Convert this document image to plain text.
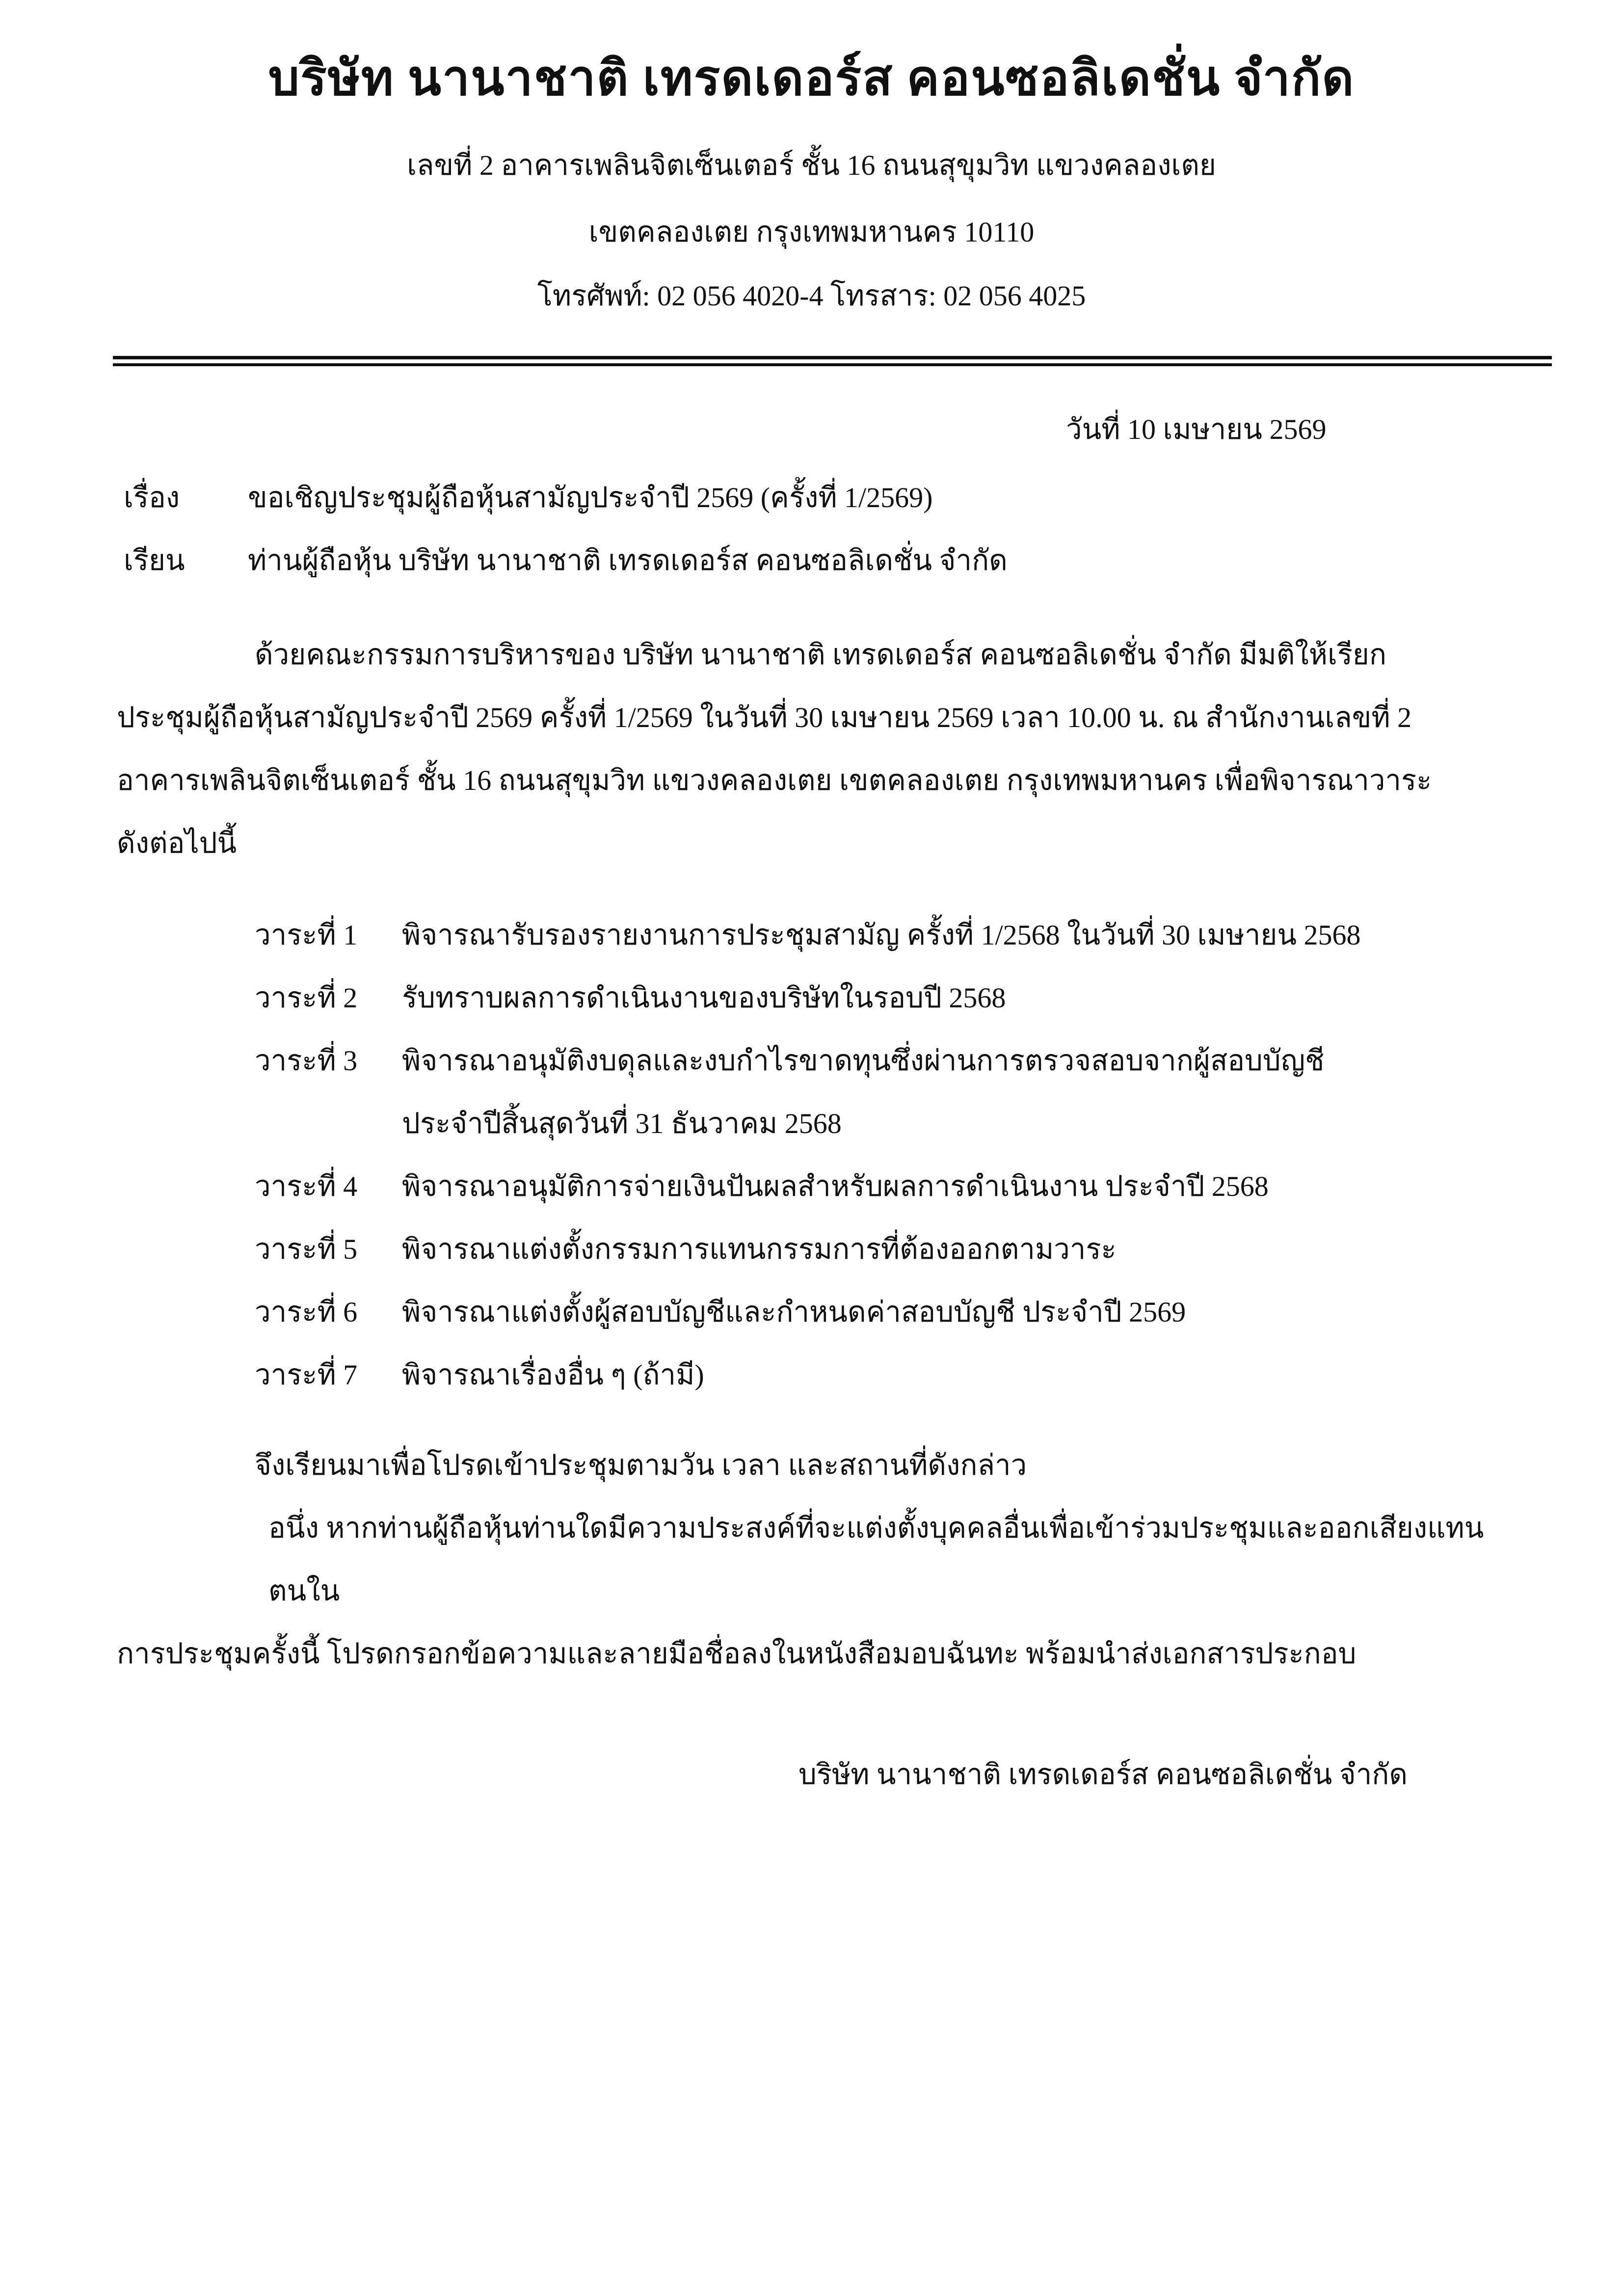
บริษัท นานาชาติ เทรดเดอร์ส คอนซอลิเดชั่น จำกัด
เลขที่ 2 อาคารเพลินจิตเซ็นเตอร์ ชั้น 16 ถนนสุขุมวิท แขวงคลองเตย
เขตคลองเตย กรุงเทพมหานคร 10110
โทรศัพท์: 02 056 4020-4 โทรสาร: 02 056 4025
วันที่ 10 เมษายน 2569
เรื่อง ขอเชิญประชุมผู้ถือหุ้นสามัญประจำปี 2569 (ครั้งที่ 1/2569)
เรียน ท่านผู้ถือหุ้น บริษัท นานาชาติ เทรดเดอร์ส คอนซอลิเดชั่น จำกัด
ด้วยคณะกรรมการบริหารของ บริษัท นานาชาติ เทรดเดอร์ส คอนซอลิเดชั่น จำกัด มีมติให้เรียก
ประชุมผู้ถือหุ้นสามัญประจำปี 2569 ครั้งที่ 1/2569 ในวันที่ 30 เมษายน 2569 เวลา 10.00 น. ณ สำนักงานเลขที่ 2
อาคารเพลินจิตเซ็นเตอร์ ชั้น 16 ถนนสุขุมวิท แขวงคลองเตย เขตคลองเตย กรุงเทพมหานคร เพื่อพิจารณาวาระ
ดังต่อไปนี้
วาระที่ 1 พิจารณารับรองรายงานการประชุมสามัญ ครั้งที่ 1/2568 ในวันที่ 30 เมษายน 2568
วาระที่ 2 รับทราบผลการดำเนินงานของบริษัทในรอบปี 2568
วาระที่ 3 พิจารณาอนุมัติงบดุลและงบกำไรขาดทุนซึ่งผ่านการตรวจสอบจากผู้สอบบัญชี
ประจำปีสิ้นสุดวันที่ 31 ธันวาคม 2568
วาระที่ 4 พิจารณาอนุมัติการจ่ายเงินปันผลสำหรับผลการดำเนินงาน ประจำปี 2568
วาระที่ 5 พิจารณาแต่งตั้งกรรมการแทนกรรมการที่ต้องออกตามวาระ
วาระที่ 6 พิจารณาแต่งตั้งผู้สอบบัญชีและกำหนดค่าสอบบัญชี ประจำปี 2569
วาระที่ 7 พิจารณาเรื่องอื่น ๆ (ถ้ามี)
จึงเรียนมาเพื่อโปรดเข้าประชุมตามวัน เวลา และสถานที่ดังกล่าว
อนึ่ง หากท่านผู้ถือหุ้นท่านใดมีความประสงค์ที่จะแต่งตั้งบุคคลอื่นเพื่อเข้าร่วมประชุมและออกเสียงแทนตนใน
การประชุมครั้งนี้ โปรดกรอกข้อความและลายมือชื่อลงในหนังสือมอบฉันทะ พร้อมนำส่งเอกสารประกอบ
บริษัท นานาชาติ เทรดเดอร์ส คอนซอลิเดชั่น จำกัด
